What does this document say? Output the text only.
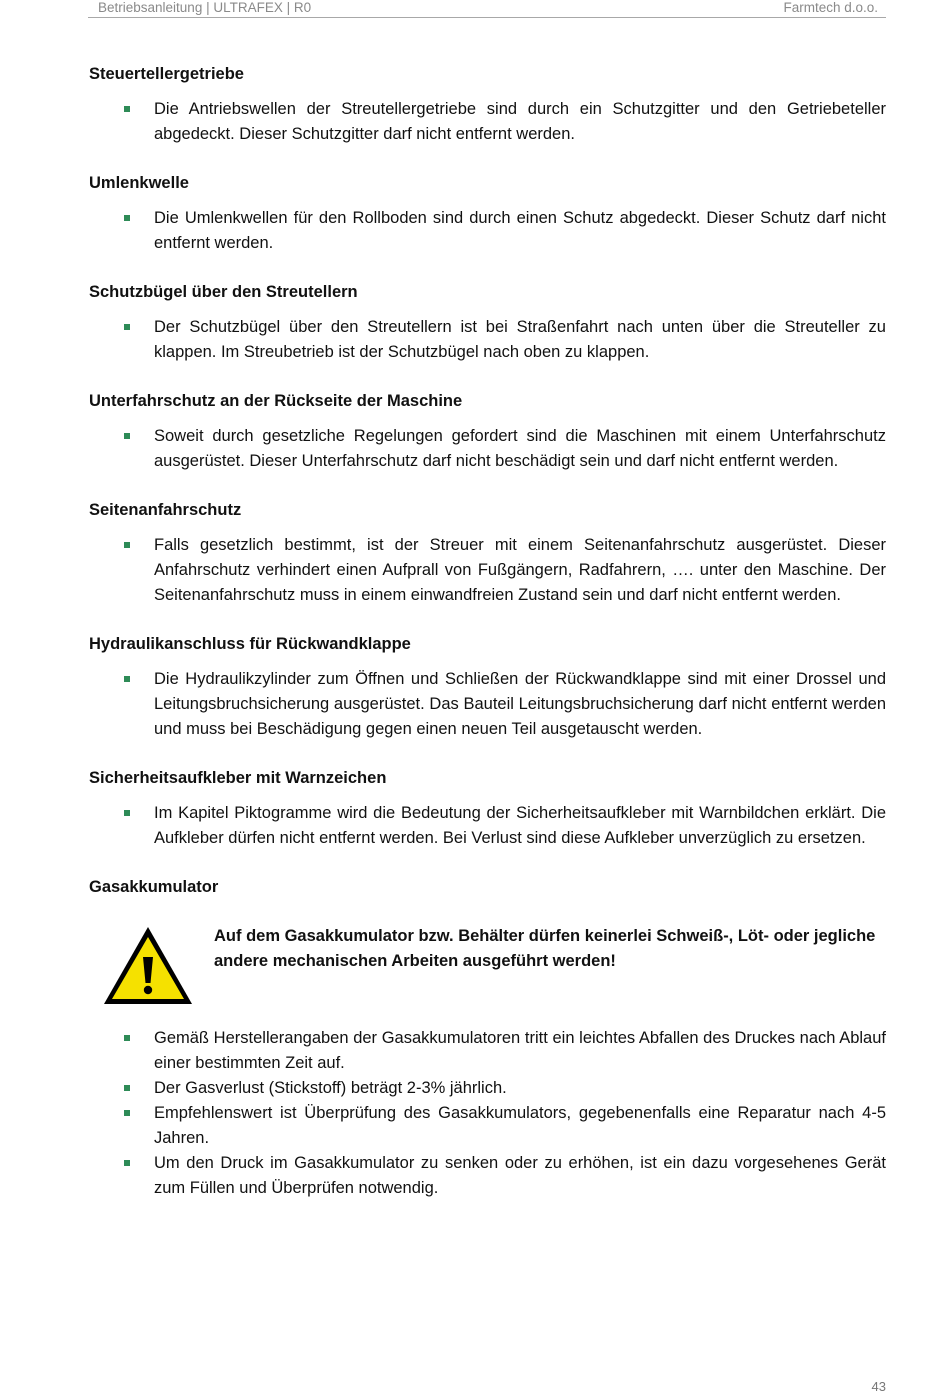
Betriebsanleitung | ULTRAFEX | R0	Farmtech d.o.o.
Steuertellergetriebe
Die Antriebswellen der Streutellergetriebe sind durch ein Schutzgitter und den Getriebeteller abgedeckt. Dieser Schutzgitter darf nicht entfernt werden.
Umlenkwelle
Die Umlenkwellen für den Rollboden sind durch einen Schutz abgedeckt. Dieser Schutz darf nicht entfernt werden.
Schutzbügel über den Streutellern
Der Schutzbügel über den Streutellern ist bei Straßenfahrt nach unten über die Streuteller zu klappen. Im Streubetrieb ist der Schutzbügel nach oben zu klappen.
Unterfahrschutz an der Rückseite der Maschine
Soweit durch gesetzliche Regelungen gefordert sind die Maschinen mit einem Unterfahrschutz ausgerüstet. Dieser Unterfahrschutz darf nicht beschädigt sein und darf nicht entfernt werden.
Seitenanfahrschutz
Falls gesetzlich bestimmt, ist der Streuer mit einem Seitenanfahrschutz ausgerüstet. Dieser Anfahrschutz verhindert einen Aufprall von Fußgängern, Radfahrern, …. unter den Maschine. Der Seitenanfahrschutz muss in einem einwandfreien Zustand sein und darf nicht entfernt werden.
Hydraulikanschluss für Rückwandklappe
Die Hydraulikzylinder zum Öffnen und Schließen der Rückwandklappe sind mit einer Drossel und Leitungsbruchsicherung ausgerüstet. Das Bauteil Leitungsbruchsicherung darf nicht entfernt werden und muss bei Beschädigung gegen einen neuen Teil ausgetauscht werden.
Sicherheitsaufkleber mit Warnzeichen
Im Kapitel Piktogramme wird die Bedeutung der Sicherheitsaufkleber mit Warnbildchen erklärt. Die Aufkleber dürfen nicht entfernt werden. Bei Verlust sind diese Aufkleber unverzüglich zu ersetzen.
Gasakkumulator
Auf dem Gasakkumulator bzw. Behälter dürfen keinerlei Schweiß-, Löt- oder jegliche andere mechanischen Arbeiten ausgeführt werden!
Gemäß Herstellerangaben der Gasakkumulatoren tritt ein leichtes Abfallen des Druckes nach Ablauf einer bestimmten Zeit auf.
Der Gasverlust (Stickstoff) beträgt 2-3% jährlich.
Empfehlenswert ist Überprüfung des Gasakkumulators, gegebenenfalls eine Reparatur nach 4-5 Jahren.
Um den Druck im Gasakkumulator zu senken oder zu erhöhen, ist ein dazu vorgesehenes Gerät zum Füllen und Überprüfen notwendig.
43
